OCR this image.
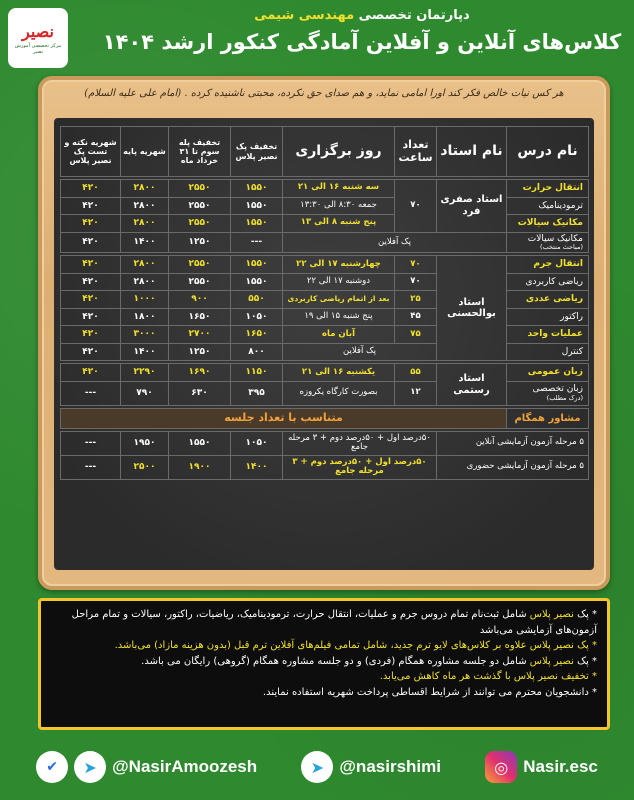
دپارتمان تخصصی مهندسی شیمی
کلاس‌های آنلاین و آفلاین آمادگی کنکور ارشد ۱۴۰۴
نصیر
مرکز تخصصی آموزش نصیر
هر کس نیات خالص فکر کند اورا امامی نماید، و هم صدای حق نکرده، محبتی ناشنیده کرده . (امام علی علیه السلام)
نام درس	نام استاد	تعداد ساعت	روز برگزاری	تخفیف پک نصیر پلاس	تخفیف پله سوم تا ۳۱ خرداد ماه	شهریه پایه	شهریه نکته و تست پک نصیر پلاس

انتقال حرارت	استاد صفری فرد	۷۰	سه شنبه ۱۶ الی ۲۱	۱۵۵۰	۲۵۵۰	۲۸۰۰	۴۲۰
ترمودینامیک			جمعه ۸:۳۰ الی ۱۳:۳۰	۱۵۵۰	۲۵۵۰	۲۸۰۰	۴۲۰
مکانیک سیالات			پنج شنبه ۸ الی ۱۳	۱۵۵۰	۲۵۵۰	۲۸۰۰	۴۲۰
مکانیک سیالات
(مباحث منتخب)	پک آفلاین			---	۱۲۵۰	۱۴۰۰	۴۲۰

انتقال جرم	استاد بوالحسنی	۷۰	چهارشنبه ۱۷ الی ۲۲	۱۵۵۰	۲۵۵۰	۲۸۰۰	۴۲۰
ریاضی کاربردی		۷۰	دوشنبه ۱۷ الی ۲۲	۱۵۵۰	۲۵۵۰	۲۸۰۰	۴۲۰
ریاضی عددی		۲۵	بعد از اتمام ریاضی کاربردی	۵۵۰	۹۰۰	۱۰۰۰	۴۲۰
راکتور		۴۵	پنج شنبه ۱۵ الی ۱۹	۱۰۵۰	۱۶۵۰	۱۸۰۰	۴۲۰
عملیات واحد		۷۵	آبان ماه	۱۶۵۰	۲۷۰۰	۳۰۰۰	۴۲۰
کنترل		پک آفلاین		۸۰۰	۱۲۵۰	۱۴۰۰	۴۲۰

زبان عمومی	استاد رستمی	۵۵	یکشنبه ۱۶ الی ۲۱	۱۱۵۰	۱۶۹۰	۲۲۹۰	۴۲۰
زبان تخصصی
(درک مطلب)		۱۲	بصورت کارگاه یکروزه	۳۹۵	۶۳۰	۷۹۰	---

مشاور همگام	متناسب با تعداد جلسه						

۵ مرحله آزمون آزمایشی آنلاین		۵۰درصد اول + ۵۰درصد دوم + ۳ مرحله جامع		۱۰۵۰	۱۵۵۰	۱۹۵۰	---
۵ مرحله آزمون آزمایشی حضوری		۵۰درصد اول + ۵۰درصد دوم + ۳ مرحله جامع		۱۴۰۰	۱۹۰۰	۲۵۰۰	---
* پک نصیر پلاس شامل ثبت‌نام تمام دروس جرم و عملیات، انتقال حرارت، ترمودینامیک، ریاضیات، راکتور، سیالات و تمام مراحل آزمون‌های آزمایشی می‌باشد
* پک نصیر پلاس علاوه بر کلاس‌های لایو ترم جدید، شامل تمامی فیلم‌های آفلاین ترم قبل (بدون هزینه مازاد) می‌باشد.
* پک نصیر پلاس شامل دو جلسه مشاوره همگام (فردی) و دو جلسه مشاوره همگام (گروهی) رایگان می باشد.
* تخفیف نصیر پلاس با گذشت هر ماه کاهش می‌یابد.
* دانشجویان محترم می توانند از شرایط اقساطی پرداخت شهریه استفاده نمایند.
✔	➤ @NasirAmoozesh	➤ @nasirshimi	◎ Nasir.esc
